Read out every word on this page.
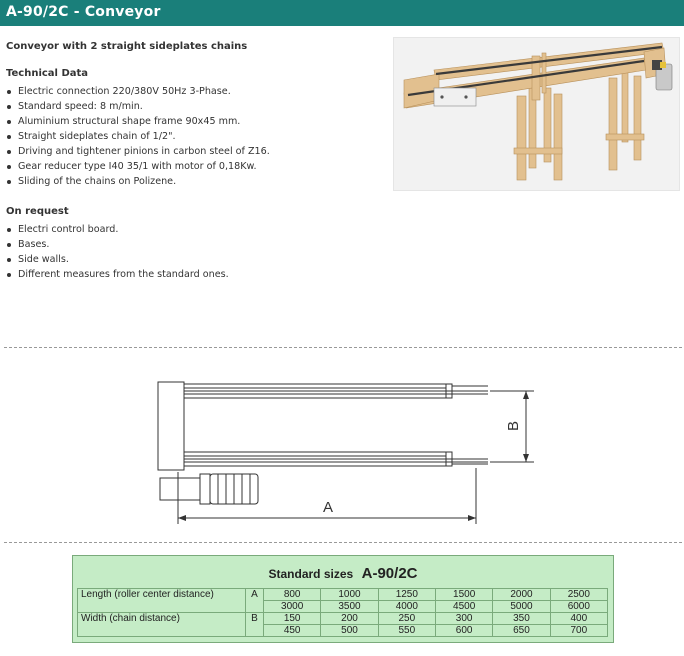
A-90/2C - Conveyor
Conveyor with 2 straight sideplates chains
Technical Data
Electric connection 220/380V 50Hz 3-Phase.
Standard speed: 8 m/min.
Aluminium structural shape frame 90x45 mm.
Straight sideplates chain of 1/2".
Driving and tightener pinions in carbon steel of Z16.
Gear reducer type I40 35/1 with motor of 0,18Kw.
Sliding of the chains on Polizene.
On request
Electri control board.
Bases.
Side walls.
Different measures from the standard ones.
A
B
Standard sizes A-90/2C
Length (roller center distance)	A	800	1000	1250	1500	2000	2500
		3000	3500	4000	4500	5000	6000
Width (chain distance)	B	150	200	250	300	350	400
		450	500	550	600	650	700
